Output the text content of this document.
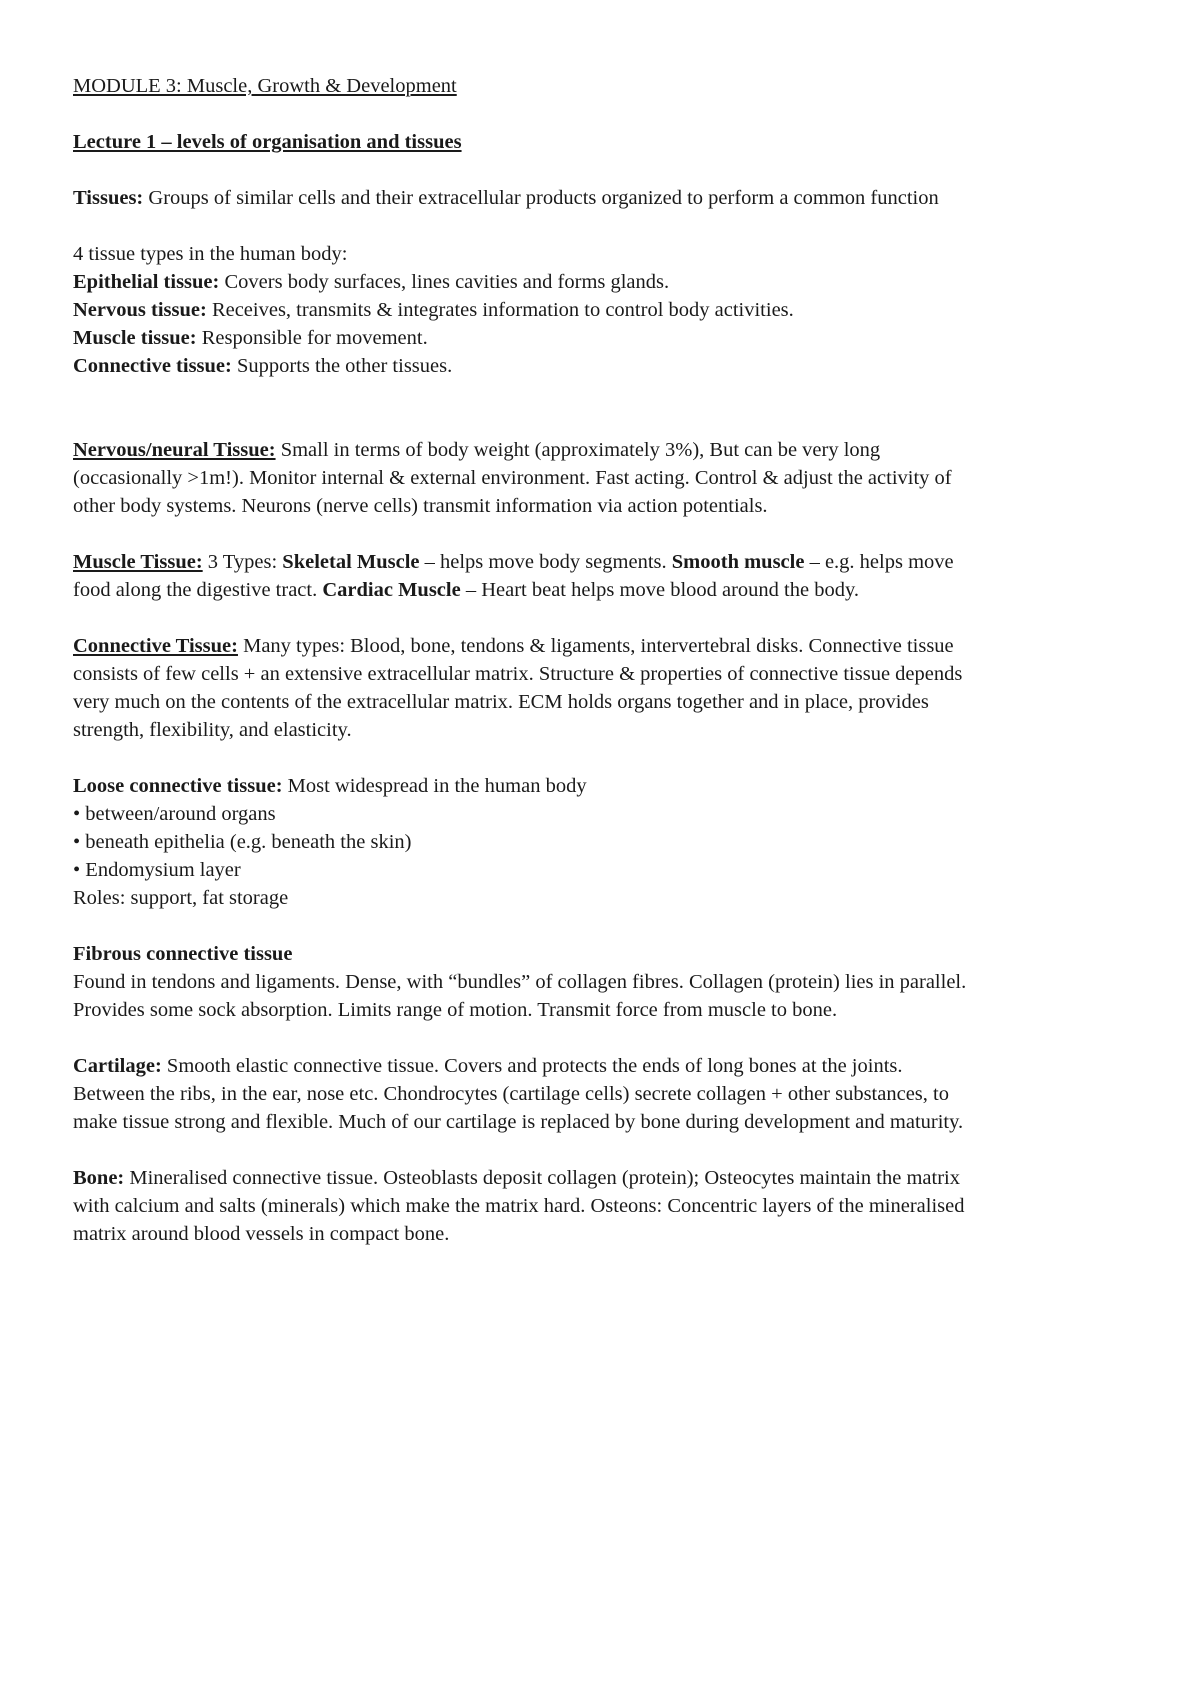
MODULE 3: Muscle, Growth & Development
Lecture 1 – levels of organisation and tissues
Tissues: Groups of similar cells and their extracellular products organized to perform a common function
4 tissue types in the human body:
Epithelial tissue: Covers body surfaces, lines cavities and forms glands.
Nervous tissue: Receives, transmits & integrates information to control body activities.
Muscle tissue: Responsible for movement.
Connective tissue: Supports the other tissues.
Nervous/neural Tissue: Small in terms of body weight (approximately 3%), But can be very long
(occasionally >1m!). Monitor internal & external environment. Fast acting. Control & adjust the activity of
other body systems. Neurons (nerve cells) transmit information via action potentials.
Muscle Tissue: 3 Types: Skeletal Muscle – helps move body segments. Smooth muscle – e.g. helps move
food along the digestive tract. Cardiac Muscle – Heart beat helps move blood around the body.
Connective Tissue: Many types: Blood, bone, tendons & ligaments, intervertebral disks. Connective tissue
consists of few cells + an extensive extracellular matrix. Structure & properties of connective tissue depends
very much on the contents of the extracellular matrix. ECM holds organs together and in place, provides
strength, flexibility, and elasticity.
Loose connective tissue: Most widespread in the human body
• between/around organs
• beneath epithelia (e.g. beneath the skin)
• Endomysium layer
Roles: support, fat storage
Fibrous connective tissue
Found in tendons and ligaments. Dense, with “bundles” of collagen fibres. Collagen (protein) lies in parallel.
Provides some sock absorption. Limits range of motion. Transmit force from muscle to bone.
Cartilage: Smooth elastic connective tissue. Covers and protects the ends of long bones at the joints.
Between the ribs, in the ear, nose etc. Chondrocytes (cartilage cells) secrete collagen + other substances, to
make tissue strong and flexible. Much of our cartilage is replaced by bone during development and maturity.
Bone: Mineralised connective tissue. Osteoblasts deposit collagen (protein); Osteocytes maintain the matrix
with calcium and salts (minerals) which make the matrix hard. Osteons: Concentric layers of the mineralised
matrix around blood vessels in compact bone.
